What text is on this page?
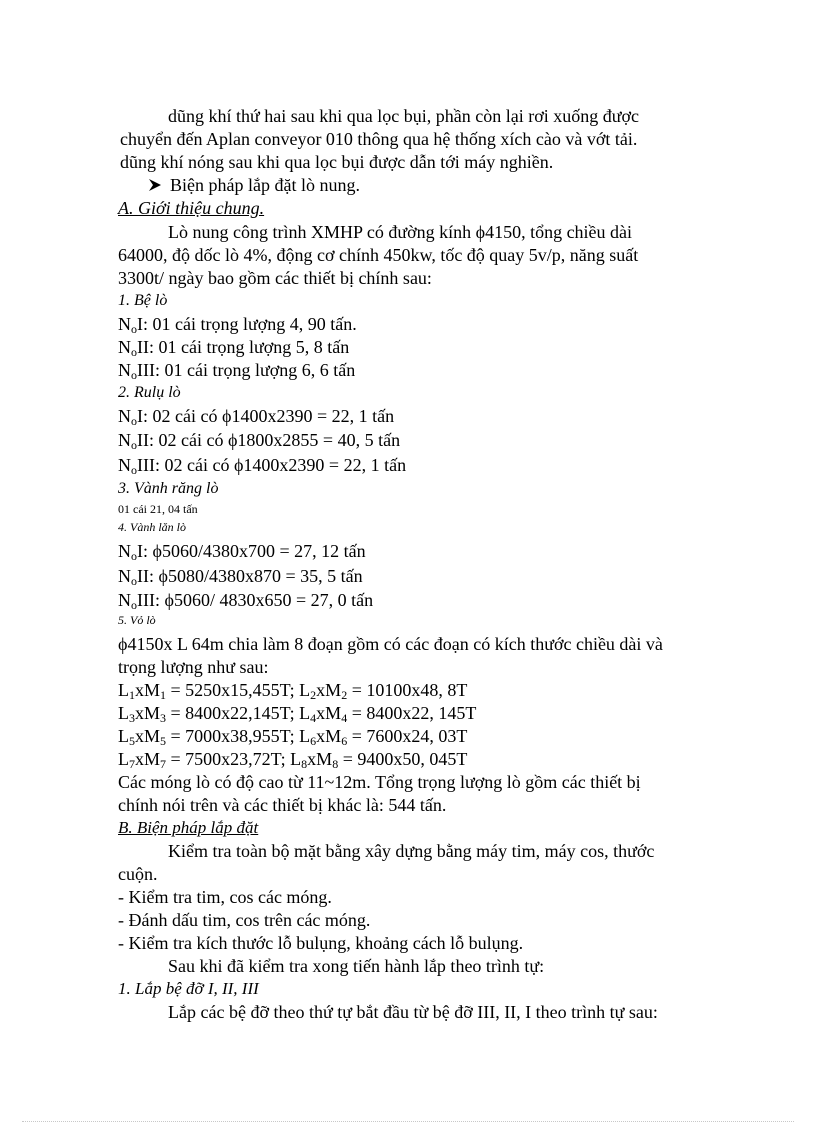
dũng khí thứ hai sau khi qua lọc bụi, phần còn lại rơi xuống được
chuyển đến Aplan conveyor 010 thông qua hệ thống xích cào và vớt tải.
dũng khí nóng sau khi qua lọc bụi được dẫn tới máy nghiền.
Biện pháp lắp đặt lò nung.
A. Giới thiệu chung.
Lò nung công trình XMHP có đường kính ϕ4150, tổng chiều dài
64000, độ dốc lò 4%, động cơ chính 450kw, tốc độ quay 5v/p, năng suất
3300t/ ngày bao gồm các thiết bị chính sau:
1. Bệ lò
$N_oI$: 01 cái trọng lượng 4, 90 tấn.
$N_oII$: 01 cái trọng lượng 5, 8 tấn
$N_oIII$: 01 cái trọng lượng 6, 6 tấn
2. Rulụ lò
$N_oI$: 02 cái có ϕ1400x2390 = 22, 1 tấn
$N_oII$: 02 cái có ϕ1800x2855 = 40, 5 tấn
$N_oIII$: 02 cái có ϕ1400x2390 = 22, 1 tấn
3. Vành răng lò
01 cái 21, 04 tấn
4. Vành lăn lò
$N_oI$: ϕ5060/4380x700 = 27, 12 tấn
$N_oII$: ϕ5080/4380x870 = 35, 5 tấn
$N_oIII$: ϕ5060/ 4830x650 = 27, 0 tấn
5. Vỏ lò
ϕ4150x L 64m chia làm 8 đoạn gồm có các đoạn có kích thước chiều dài và
trọng lượng như sau:
$L_1xM_1 = 5250x15,455T$; $L_2xM_2 = 10100x48$, 8T
$L_3xM_3 = 8400x22,145T$; $L_4xM_4 = 8400x22$, 145T
$L_5xM_5 = 7000x38,955T$; $L_6xM_6 = 7600x24$, 03T
$L_7xM_7 = 7500x23,72T$; $L_8xM_8 = 9400x50$, 045T
Các móng lò có độ cao từ 11~12m. Tổng trọng lượng lò gồm các thiết bị
chính nói trên và các thiết bị khác là: 544 tấn.
B. Biện pháp lắp đặt
Kiểm tra toàn bộ mặt bằng xây dựng bằng máy tim, máy cos, thước
cuộn.
- Kiểm tra tim, cos các móng.
- Đánh dấu tim, cos trên các móng.
- Kiểm tra kích thước lỗ bulụng, khoảng cách lỗ bulụng.
Sau khi đã kiểm tra xong tiến hành lắp theo trình tự:
1. Lắp bệ đỡ I, II, III
Lắp các bệ đỡ theo thứ tự bắt đầu từ bệ đỡ III, II, I theo trình tự sau:
